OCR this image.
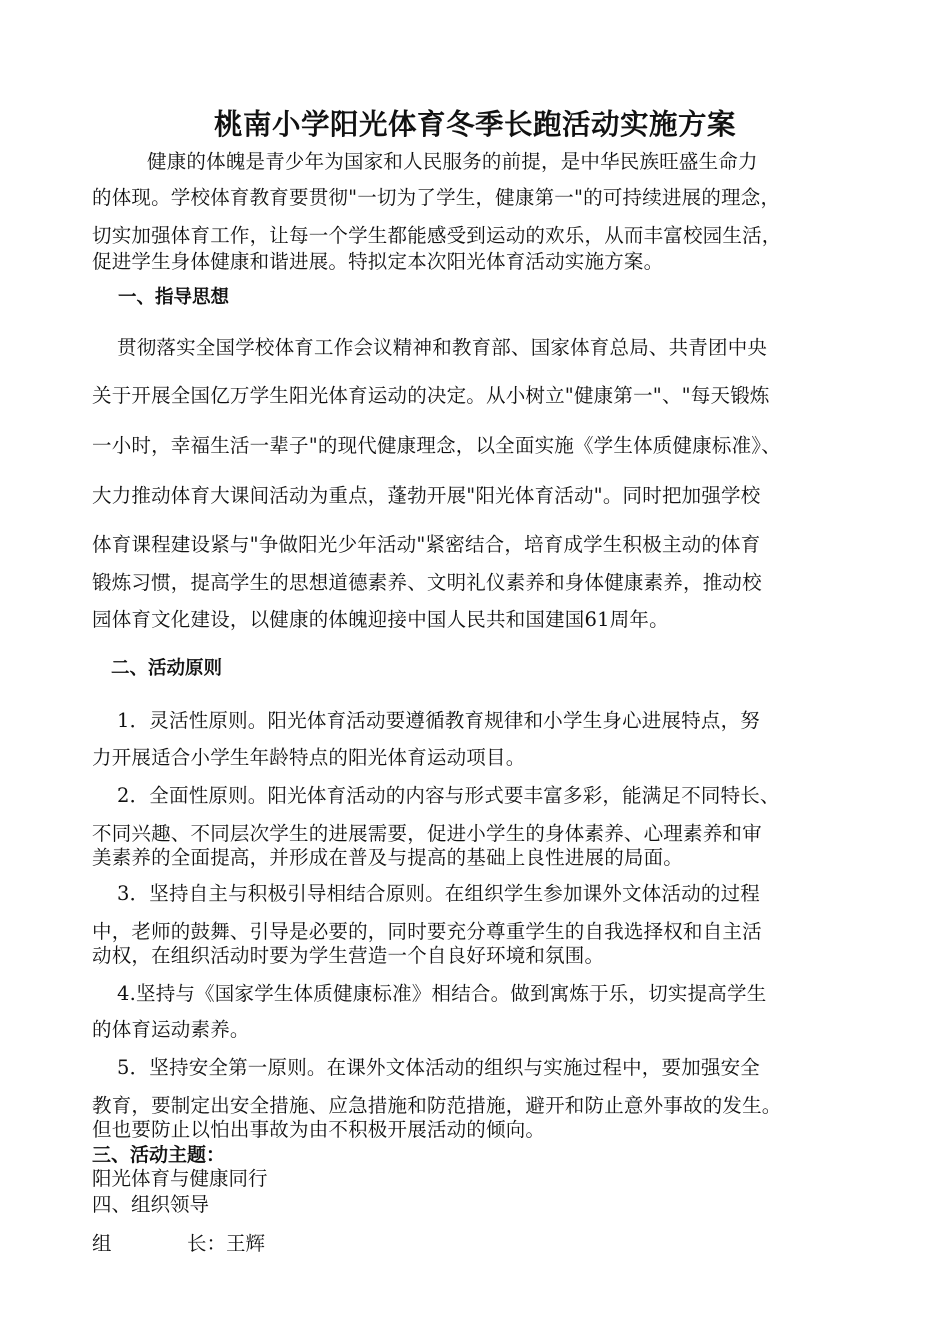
桃南小学阳光体育冬季长跑活动实施方案
健康的体魄是青少年为国家和人民服务的前提，是中华民族旺盛生命力
的体现。学校体育教育要贯彻"一切为了学生，健康第一"的可持续进展的理念，
切实加强体育工作，让每一个学生都能感受到运动的欢乐，从而丰富校园生活，
促进学生身体健康和谐进展。特拟定本次阳光体育活动实施方案。
一、指导思想
贯彻落实全国学校体育工作会议精神和教育部、国家体育总局、共青团中央
关于开展全国亿万学生阳光体育运动的决定。从小树立"健康第一"、"每天锻炼
一小时，幸福生活一辈子"的现代健康理念，以全面实施《学生体质健康标准》、
大力推动体育大课间活动为重点，蓬勃开展"阳光体育活动"。同时把加强学校
体育课程建设紧与"争做阳光少年活动"紧密结合，培育成学生积极主动的体育
锻炼习惯，提高学生的思想道德素养、文明礼仪素养和身体健康素养，推动校
园体育文化建设，以健康的体魄迎接中国人民共和国建国61周年。
二、活动原则
1．灵活性原则。阳光体育活动要遵循教育规律和小学生身心进展特点，努
力开展适合小学生年龄特点的阳光体育运动项目。
2．全面性原则。阳光体育活动的内容与形式要丰富多彩，能满足不同特长、
不同兴趣、不同层次学生的进展需要，促进小学生的身体素养、心理素养和审
美素养的全面提高，并形成在普及与提高的基础上良性进展的局面。
3．坚持自主与积极引导相结合原则。在组织学生参加课外文体活动的过程
中，老师的鼓舞、引导是必要的，同时要充分尊重学生的自我选择权和自主活
动权，在组织活动时要为学生营造一个自良好环境和氛围。
4.坚持与《国家学生体质健康标准》相结合。做到寓炼于乐，切实提高学生
的体育运动素养。
5．坚持安全第一原则。在课外文体活动的组织与实施过程中，要加强安全
教育，要制定出安全措施、应急措施和防范措施，避开和防止意外事故的发生。
但也要防止以怕出事故为由不积极开展活动的倾向。
三、活动主题：
阳光体育与健康同行
四、组织领导
组	长：王辉
